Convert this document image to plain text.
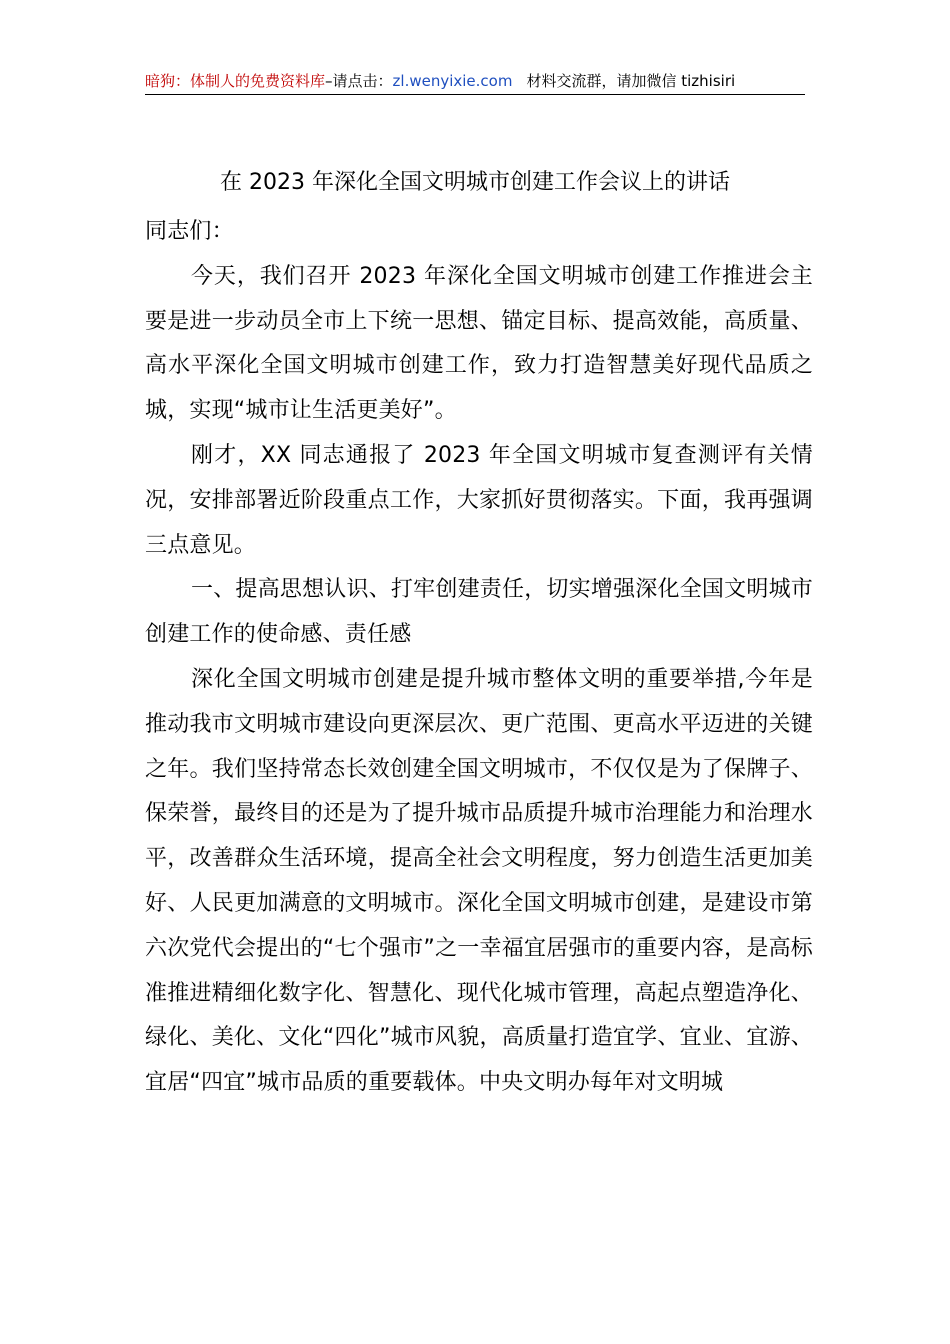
暗狗：体制人的免费资料库–请点击：zl.wenyixie.com 材料交流群，请加微信 tizhisiri
在 2023 年深化全国文明城市创建工作会议上的讲话

同志们：

今天，我们召开 2023 年深化全国文明城市创建工作推进会主要是进一步动员全市上下统一思想、锚定目标、提高效能，高质量、高水平深化全国文明城市创建工作，致力打造智慧美好现代品质之城，实现“城市让生活更美好”。

刚才，XX 同志通报了 2023 年全国文明城市复查测评有关情况，安排部署近阶段重点工作，大家抓好贯彻落实。下面，我再强调三点意见。

一、提高思想认识、打牢创建责任，切实增强深化全国文明城市创建工作的使命感、责任感

深化全国文明城市创建是提升城市整体文明的重要举措,今年是推动我市文明城市建设向更深层次、更广范围、更高水平迈进的关键之年。我们坚持常态长效创建全国文明城市，不仅仅是为了保牌子、保荣誉，最终目的还是为了提升城市品质提升城市治理能力和治理水平，改善群众生活环境，提高全社会文明程度，努力创造生活更加美好、人民更加满意的文明城市。深化全国文明城市创建，是建设市第六次党代会提出的“七个强市”之一幸福宜居强市的重要内容，是高标准推进精细化数字化、智慧化、现代化城市管理，高起点塑造净化、绿化、美化、文化“四化”城市风貌，高质量打造宜学、宜业、宜游、宜居“四宜”城市品质的重要载体。中央文明办每年对文明城
